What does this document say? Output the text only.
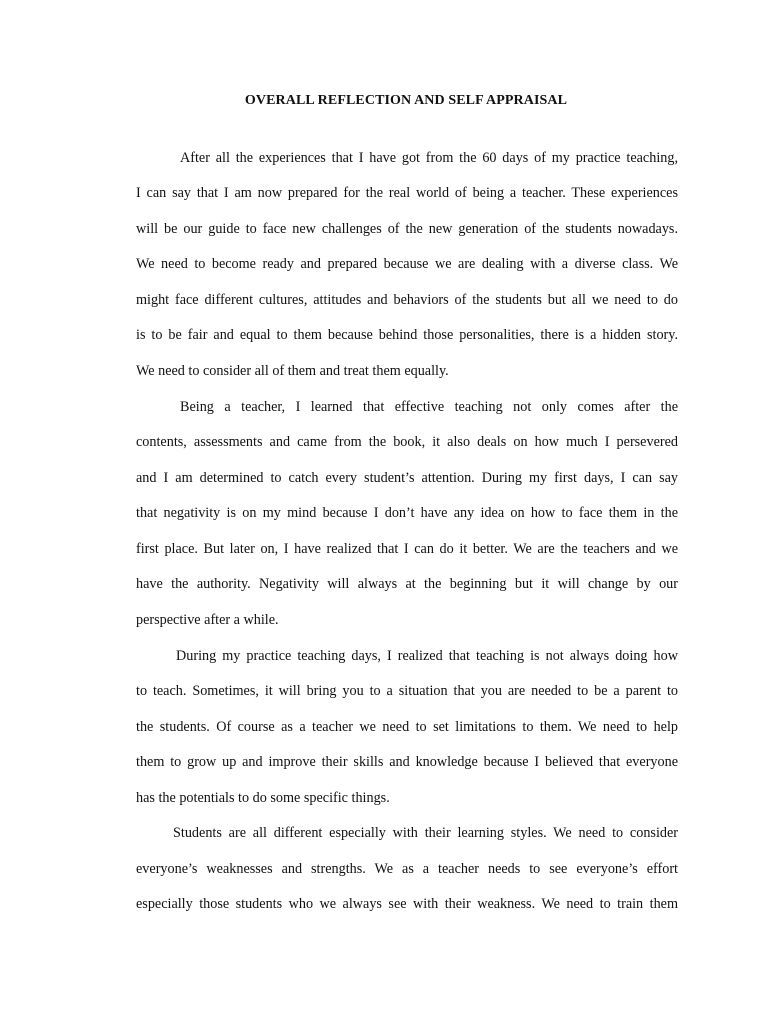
OVERALL REFLECTION AND SELF APPRAISAL
After all the experiences that I have got from the 60 days of my practice teaching,
I can say that I am now prepared for the real world of being a teacher. These experiences
will be our guide to face new challenges of the new generation of the students nowadays.
We need to become ready and prepared because we are dealing with a diverse class. We
might face different cultures, attitudes and behaviors of the students but all we need to do
is to be fair and equal to them because behind those personalities, there is a hidden story.
We need to consider all of them and treat them equally.
Being a teacher, I learned that effective teaching not only comes after the
contents, assessments and came from the book, it also deals on how much I persevered
and I am determined to catch every student’s attention. During my first days, I can say
that negativity is on my mind because I don’t have any idea on how to face them in the
first place. But later on, I have realized that I can do it better. We are the teachers and we
have the authority. Negativity will always at the beginning but it will change by our
perspective after a while.
During my practice teaching days, I realized that teaching is not always doing how
to teach. Sometimes, it will bring you to a situation that you are needed to be a parent to
the students. Of course as a teacher we need to set limitations to them. We need to help
them to grow up and improve their skills and knowledge because I believed that everyone
has the potentials to do some specific things.
Students are all different especially with their learning styles. We need to consider
everyone’s weaknesses and strengths. We as a teacher needs to see everyone’s effort
especially those students who we always see with their weakness. We need to train them
